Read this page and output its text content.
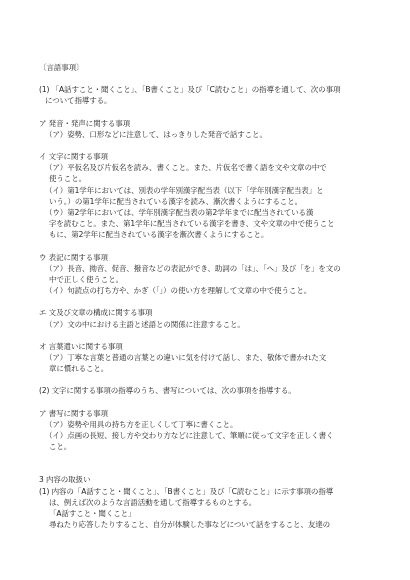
〔言語事項〕
(1) 「A話すこと・聞くこと」、「B書くこと」及び「C読むこと」の指導を通して、次の事項
について指導する。
ア 発音・発声に関する事項
（ア）姿勢、口形などに注意して、はっきりした発音で話すこと。
イ 文字に関する事項
（ア）平仮名及び片仮名を読み、書くこと。また、片仮名で書く語を文や文章の中で
使うこと。
（イ）第1学年においては、別表の学年別漢字配当表（以下「学年別漢字配当表」と
いう。）の第1学年に配当されている漢字を読み、漸次書くようにすること。
（ウ）第2学年においては、学年別漢字配当表の第2学年までに配当されている漢
字を読むこと。また、第1学年に配当されている漢字を書き、文や文章の中で使うこと
もに、第2学年に配当されている漢字を漸次書くようにすること。
ウ 表記に関する事項
（ア）長音、拗音、促音、撥音などの表記ができ、助詞の「は」、「へ」及び「を」を文の
中で正しく使うこと。
（イ）句読点の打ち方や、かぎ（「」）の使い方を理解して文章の中で使うこと。
エ 文及び文章の構成に関する事項
（ア）文の中における主語と述語との関係に注意すること。
オ 言葉遣いに関する事項
（ア）丁寧な言葉と普通の言葉との違いに気を付けて話し、また、敬体で書かれた文
章に慣れること。
(2) 文字に関する事項の指導のうち、書写については、次の事項を指導する。
ア 書写に関する事項
（ア）姿勢や用具の持ち方を正しくして丁寧に書くこと。
（イ）点画の長短、接し方や交わり方などに注意して、筆順に従って文字を正しく書く
こと。
3 内容の取扱い
(1) 内容の「A話すこと・聞くこと」、「B書くこと」及び「C読むこと」に示す事項の指導
は、例えば次のような言語活動を通して指導するものとする。
「A話すこと・聞くこと」
尋ねたり応答したりすること、自分が体験した事などについて話をすること、友達の
